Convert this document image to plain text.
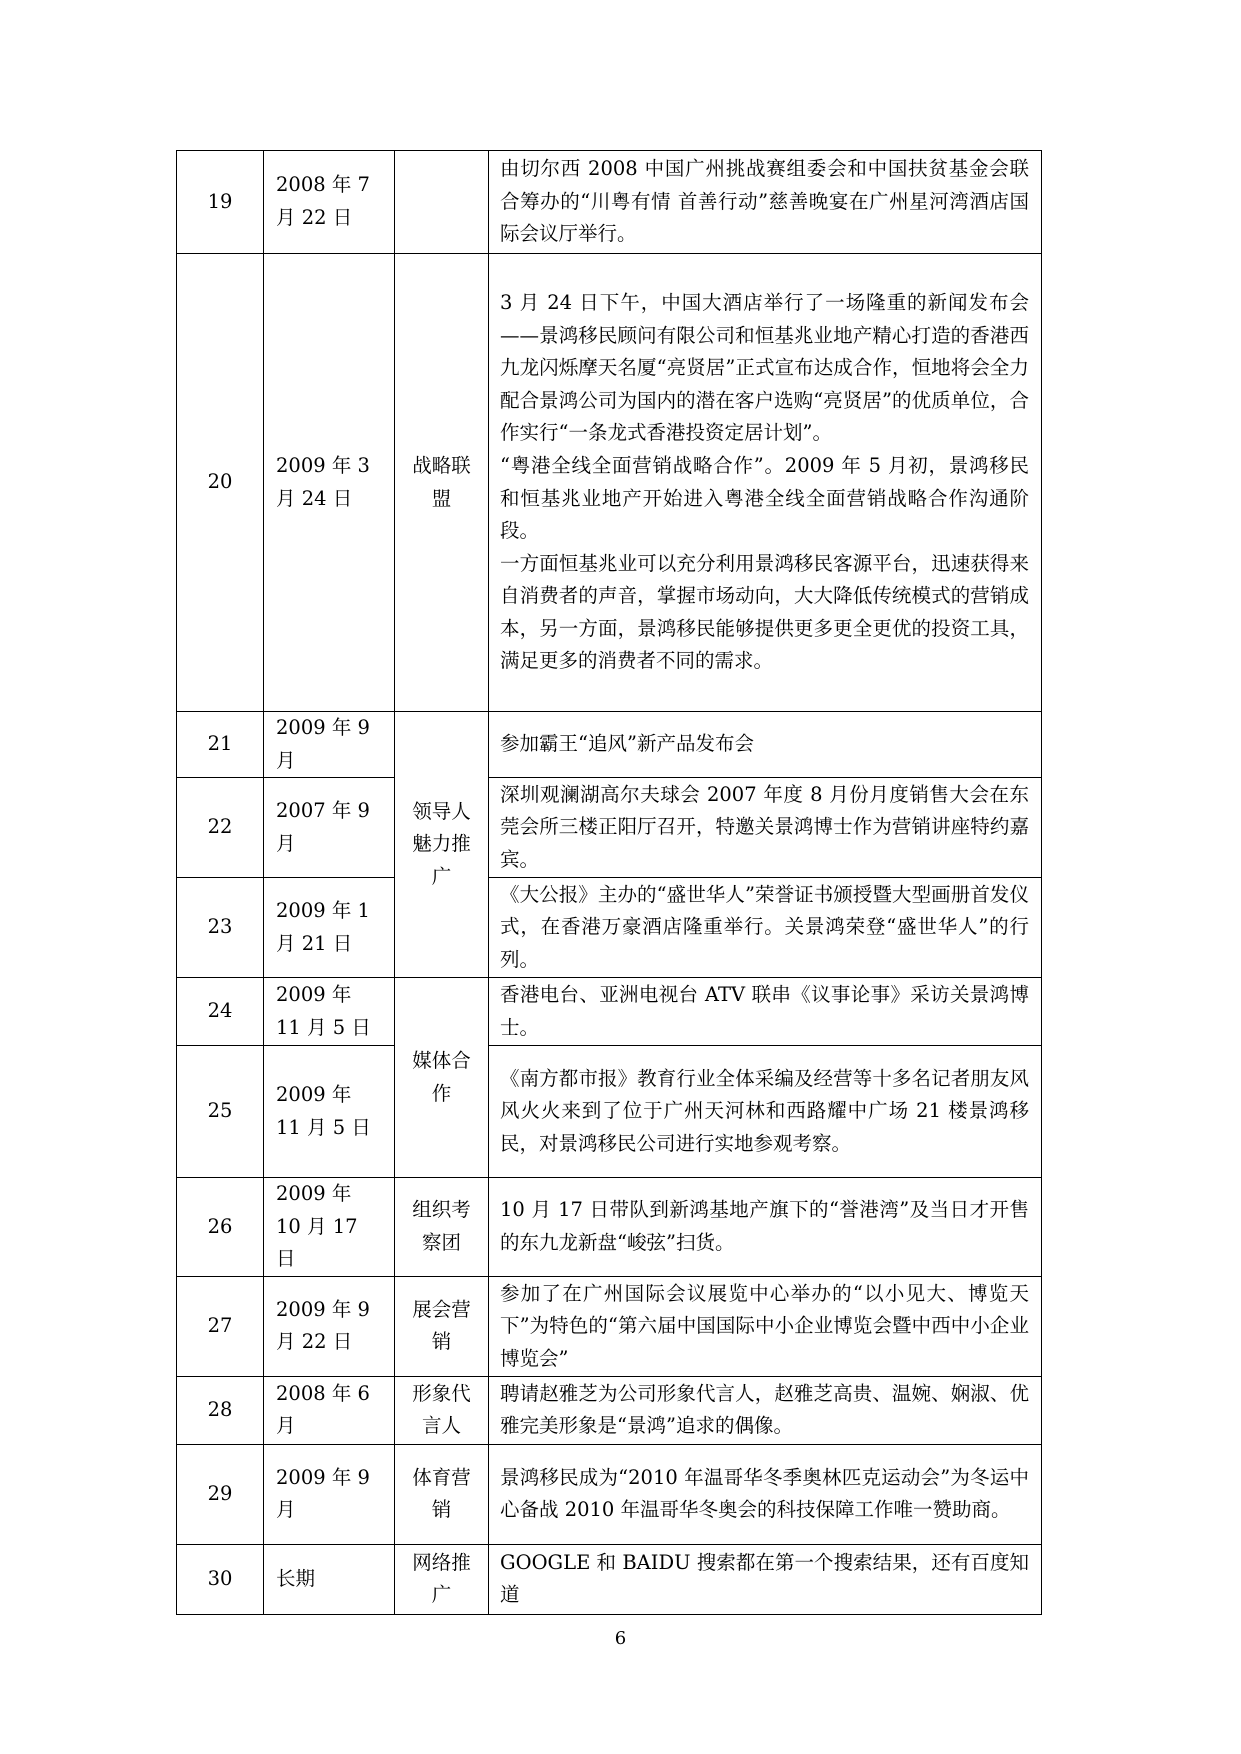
19	2008 年 7 月 22 日		由切尔西 2008 中国广州挑战赛组委会和中国扶贫基金会联合筹办的“川粤有情 首善行动”慈善晚宴在广州星河湾酒店国际会议厅举行。
20	2009 年 3 月 24 日	战略联盟	3 月 24 日下午，中国大酒店举行了一场隆重的新闻发布会——景鸿移民顾问有限公司和恒基兆业地产精心打造的香港西九龙闪烁摩天名厦“亮贤居”正式宣布达成合作，恒地将会全力配合景鸿公司为国内的潜在客户选购“亮贤居”的优质单位，合作实行“一条龙式香港投资定居计划”。
“粤港全线全面营销战略合作”。2009 年 5 月初，景鸿移民和恒基兆业地产开始进入粤港全线全面营销战略合作沟通阶段。
一方面恒基兆业可以充分利用景鸿移民客源平台，迅速获得来自消费者的声音，掌握市场动向，大大降低传统模式的营销成本，另一方面，景鸿移民能够提供更多更全更优的投资工具，满足更多的消费者不同的需求。
21	2009 年 9 月	领导人魅力推广	参加霸王“追风”新产品发布会
22	2007 年 9 月		深圳观澜湖高尔夫球会 2007 年度 8 月份月度销售大会在东莞会所三楼正阳厅召开，特邀关景鸿博士作为营销讲座特约嘉宾。
23	2009 年 1 月 21 日		《大公报》主办的“盛世华人”荣誉证书颁授暨大型画册首发仪式，在香港万豪酒店隆重举行。关景鸿荣登“盛世华人”的行列。
24	2009 年 11 月 5 日	媒体合作	香港电台、亚洲电视台 ATV 联串《议事论事》采访关景鸿博士。
25	2009 年 11 月 5 日		《南方都市报》教育行业全体采编及经营等十多名记者朋友风风火火来到了位于广州天河林和西路耀中广场 21 楼景鸿移民，对景鸿移民公司进行实地参观考察。
26	2009 年 10 月 17 日	组织考察团	10 月 17 日带队到新鸿基地产旗下的“誉港湾”及当日才开售的东九龙新盘“峻弦”扫货。
27	2009 年 9 月 22 日	展会营销	参加了在广州国际会议展览中心举办的“以小见大、博览天下”为特色的“第六届中国国际中小企业博览会暨中西中小企业博览会”
28	2008 年 6 月	形象代言人	聘请赵雅芝为公司形象代言人，赵雅芝高贵、温婉、娴淑、优雅完美形象是“景鸿”追求的偶像。
29	2009 年 9 月	体育营销	景鸿移民成为“2010 年温哥华冬季奥林匹克运动会”为冬运中心备战 2010 年温哥华冬奥会的科技保障工作唯一赞助商。
30	长期	网络推广	GOOGLE 和 BAIDU 搜索都在第一个搜索结果，还有百度知道
6
